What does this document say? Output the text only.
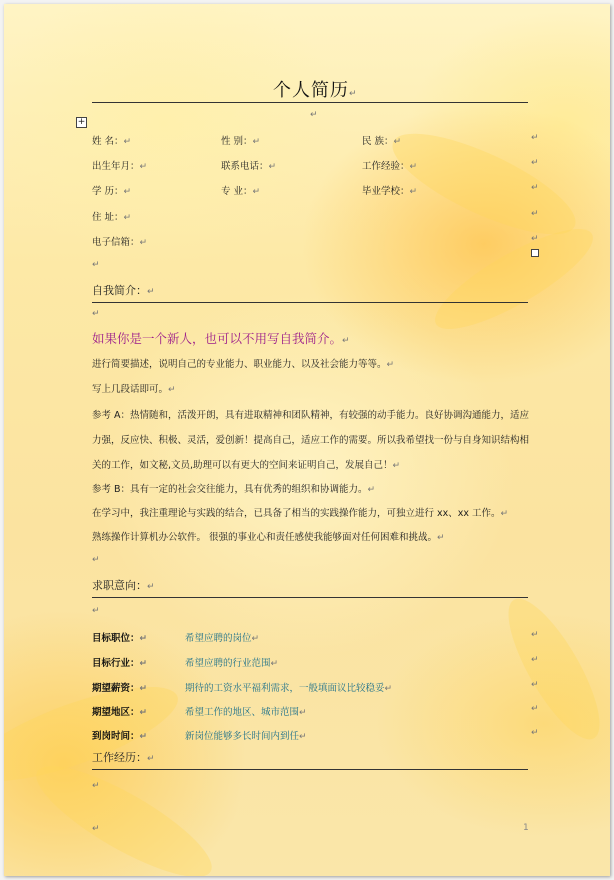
个人简历↵
↵
+
姓 名：↵	性 别：↵	民 族：↵
出生年月：↵	联系电话：↵	工作经验：↵
学 历：↵	专 业：↵	毕业学校：↵
住 址：↵
电子信箱：↵
↵
↵
↵
↵
↵
↵
自我简介：↵
↵
如果你是一个新人，也可以不用写自我简介。↵
进行简要描述，说明自己的专业能力、职业能力、以及社会能力等等。↵
写上几段话即可。↵
参考 A：热情随和，活泼开朗，具有进取精神和团队精神，有较强的动手能力。良好协调沟通能力，适应
力强，反应快、积极、灵活，爱创新！提高自己，适应工作的需要。所以我希望找一份与自身知识结构相
关的工作，如文秘,文员,助理可以有更大的空间来证明自己，发展自己！↵
参考 B：具有一定的社会交往能力，具有优秀的组织和协调能力。↵
在学习中，我注重理论与实践的结合，已具备了相当的实践操作能力，可独立进行 xx、xx 工作。↵
熟练操作计算机办公软件。 很强的事业心和责任感使我能够面对任何困难和挑战。↵
↵
求职意向：↵
↵
目标职位：↵	希望应聘的岗位↵
目标行业：↵	希望应聘的行业范围↵
期望薪资：↵	期待的工资水平福利需求，一般填面议比较稳妥↵
期望地区：↵	希望工作的地区、城市范围↵
到岗时间：↵	新岗位能够多长时间内到任↵
↵
↵
↵
↵
↵
工作经历：↵
↵
↵	1
